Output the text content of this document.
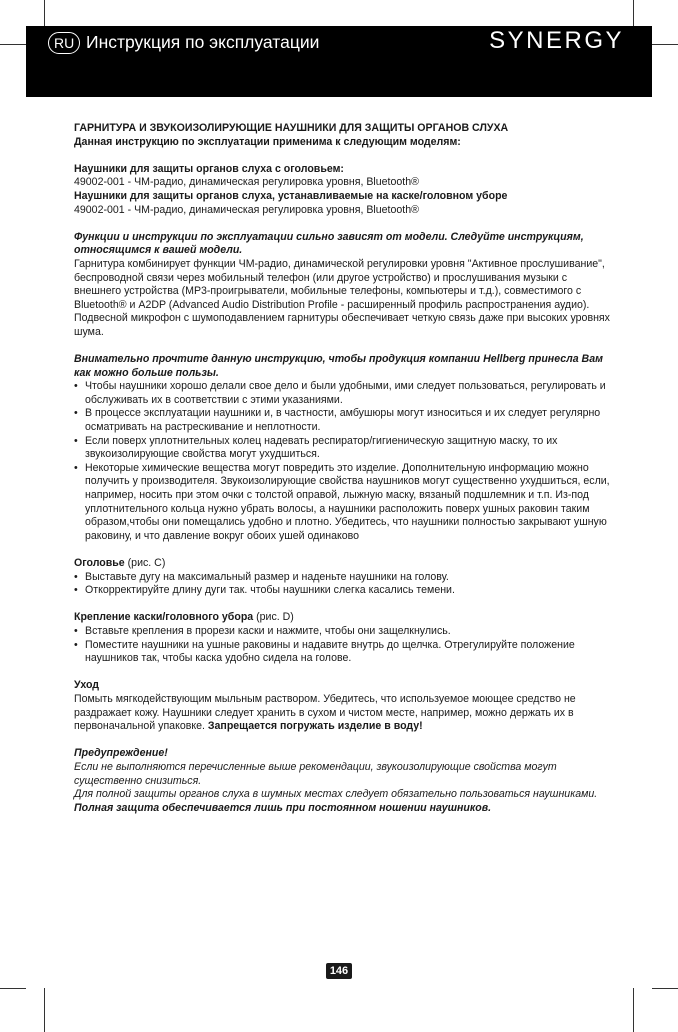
RU Инструкция по эксплуатации	SYNERGY

ГАРНИТУРА И ЗВУКОИЗОЛИРУЮЩИЕ НАУШНИКИ ДЛЯ ЗАЩИТЫ ОРГАНОВ СЛУХА

Данная инструкцию по эксплуатации применима к следующим моделям:

Наушники для защиты органов слуха с оголовьем:

49002-001 - ЧМ-радио, динамическая регулировка уровня, Bluetooth®

Наушники для защиты органов слуха, устанавливаемые на каске/головном уборе

49002-001 - ЧМ-радио, динамическая регулировка уровня, Bluetooth®

Функции и инструкции по эксплуатации сильно зависят от модели. Следуйте инструкциям, относящимся к вашей модели.

Гарнитура комбинирует функции ЧМ-радио, динамической регулировки уровня "Активное прослушивание", беспроводной связи через мобильный телефон (или другое устройство) и прослушивания музыки с внешнего устройства (МР3-проигрыватели, мобильные телефоны, компьютеры и т.д.), совместимого с Bluetooth® и A2DP (Advanced Audio Distribution Profile - расширенный профиль распространения аудио).

Подвесной микрофон с шумоподавлением гарнитуры обеспечивает четкую связь даже при высоких уровнях шума.

Внимательно прочтите данную инструкцию, чтобы продукция компании Hellberg принесла Вам как можно больше пользы.

• Чтобы наушники хорошо делали свое дело и были удобными, ими следует пользоваться, регулировать и обслуживать их в соответствии с этими указаниями.
• В процессе эксплуатации наушники и, в частности, амбушюры могут износиться и их следует регулярно осматривать на растрескивание и неплотности.
• Если поверх уплотнительных колец надевать респиратор/гигиеническую защитную маску, то их звукоизолирующие свойства могут ухудшиться.
• Некоторые химические вещества могут повредить это изделие. Дополнительную информацию можно получить у производителя. Звукоизолирующие свойства наушников могут существенно ухудшиться, если, например, носить при этом очки с толстой оправой, лыжную маску, вязаный подшлемник и т.п. Из-под уплотнительного кольца нужно убрать волосы, а наушники расположить поверх ушных раковин таким образом,чтобы они помещались удобно и плотно. Убедитесь, что наушники полностью закрывают ушную раковину, и что давление вокруг обоих ушей одинаково

Оголовье (рис. С)

• Выставьте дугу на максимальный размер и наденьте наушники на голову.
• Откорректируйте длину дуги так. чтобы наушники слегка касались темени.

Крепление каски/головного убора (рис. D)

• Вставьте крепления в прорези каски и нажмите, чтобы они защелкнулись.
• Поместите наушники на ушные раковины и надавите внутрь до щелчка. Отрегулируйте положение наушников так, чтобы каска удобно сидела на голове.

Уход

Помыть мягкодействующим мыльным раствором. Убедитесь, что используемое моющее средство не раздражает кожу. Наушники следует хранить в сухом и чистом месте, например, можно держать их в первоначальной упаковке. Запрещается погружать изделие в воду!

Предупреждение!

Если не выполняются перечисленные выше рекомендации, звукоизолирующие свойства могут существенно снизиться.

Для полной защиты органов слуха в шумных местах следует обязательно пользоваться наушниками.

Полная защита обеспечивается лишь при постоянном ношении наушников.

146
